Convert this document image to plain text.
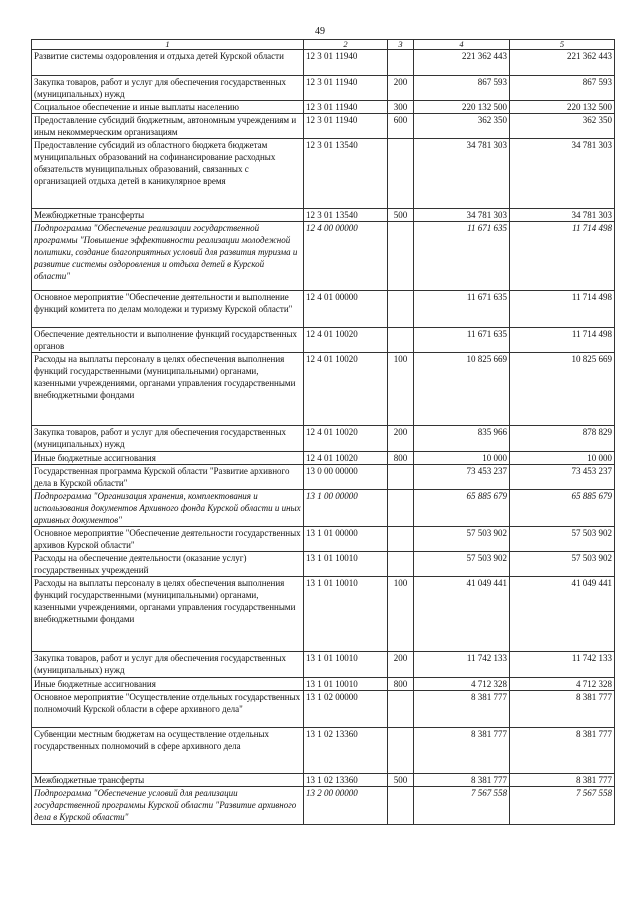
49
1	2	3	4	5
Развитие системы оздоровления и отдыха детей Курской области	12 3 01 11940		221 362 443	221 362 443
Закупка товаров, работ и услуг для обеспечения государственных (муниципальных) нужд	12 3 01 11940	200	867 593	867 593
Социальное обеспечение и иные выплаты населению	12 3 01 11940	300	220 132 500	220 132 500
Предоставление субсидий бюджетным, автономным учреждениям и иным некоммерческим организациям	12 3 01 11940	600	362 350	362 350
Предоставление субсидий из областного бюджета бюджетам муниципальных образований на софинансирование расходных обязательств муниципальных образований, связанных с организацией отдыха детей в каникулярное время	12 3 01 13540		34 781 303	34 781 303
Межбюджетные трансферты	12 3 01 13540	500	34 781 303	34 781 303
Подпрограмма "Обеспечение реализации государственной программы "Повышение эффективности реализации молодежной политики, создание благоприятных условий для развития туризма и развитие системы оздоровления и отдыха детей в Курской области"	12 4 00 00000		11 671 635	11 714 498
Основное мероприятие "Обеспечение деятельности и выполнение функций комитета по делам молодежи и туризму Курской области"	12 4 01 00000		11 671 635	11 714 498
Обеспечение деятельности и выполнение функций государственных органов	12 4 01 10020		11 671 635	11 714 498
Расходы на выплаты персоналу в целях обеспечения выполнения функций государственными (муниципальными) органами, казенными учреждениями, органами управления государственными внебюджетными фондами	12 4 01 10020	100	10 825 669	10 825 669
Закупка товаров, работ и услуг для обеспечения государственных (муниципальных) нужд	12 4 01 10020	200	835 966	878 829
Иные бюджетные ассигнования	12 4 01 10020	800	10 000	10 000
Государственная программа Курской области "Развитие архивного дела в Курской области"	13 0 00 00000		73 453 237	73 453 237
Подпрограмма "Организация хранения, комплектования и использования документов Архивного фонда Курской области и иных архивных документов"	13 1 00 00000		65 885 679	65 885 679
Основное мероприятие "Обеспечение деятельности государственных архивов Курской области"	13 1 01 00000		57 503 902	57 503 902
Расходы на обеспечение деятельности (оказание услуг) государственных учреждений	13 1 01 10010		57 503 902	57 503 902
Расходы на выплаты персоналу в целях обеспечения выполнения функций государственными (муниципальными) органами, казенными учреждениями, органами управления государственными внебюджетными фондами	13 1 01 10010	100	41 049 441	41 049 441
Закупка товаров, работ и услуг для обеспечения государственных (муниципальных) нужд	13 1 01 10010	200	11 742 133	11 742 133
Иные бюджетные ассигнования	13 1 01 10010	800	4 712 328	4 712 328
Основное мероприятие "Осуществление отдельных государственных полномочий Курской области в сфере архивного дела"	13 1 02 00000		8 381 777	8 381 777
Субвенции местным бюджетам на осуществление отдельных государственных полномочий в сфере архивного дела	13 1 02 13360		8 381 777	8 381 777
Межбюджетные трансферты	13 1 02 13360	500	8 381 777	8 381 777
Подпрограмма "Обеспечение условий для реализации государственной программы Курской области "Развитие архивного дела в Курской области"	13 2 00 00000		7 567 558	7 567 558
